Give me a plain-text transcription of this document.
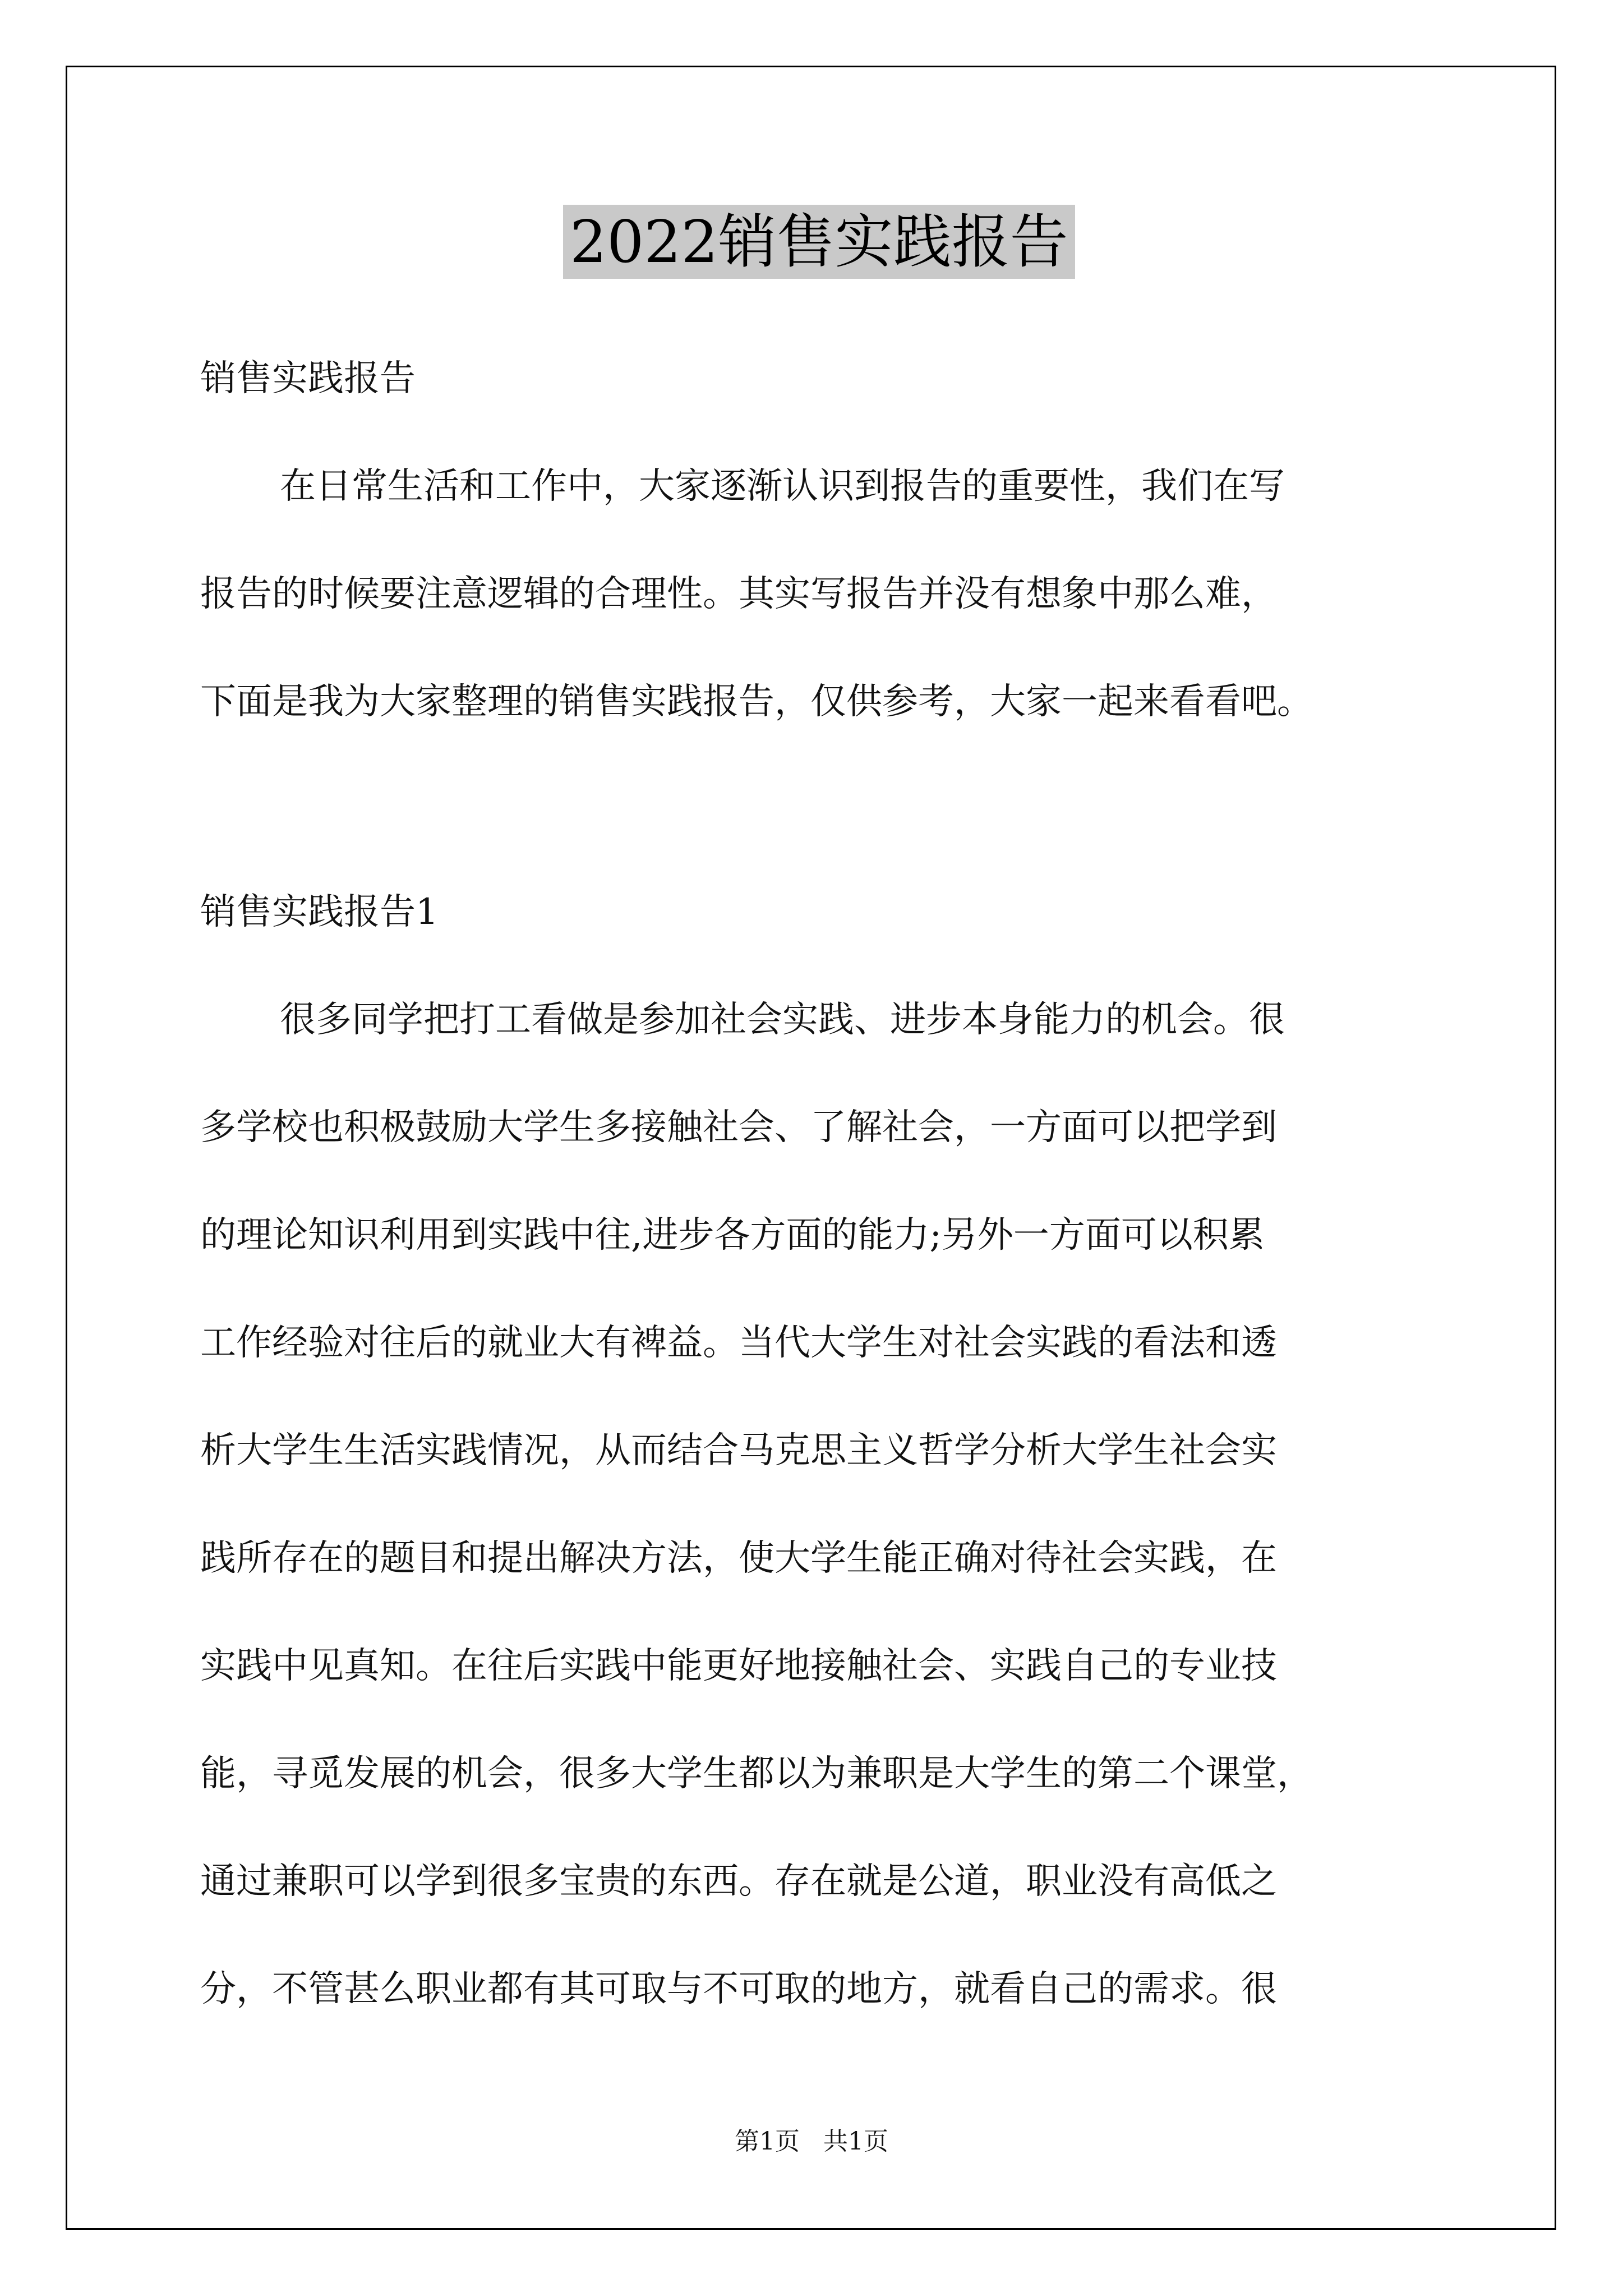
2022销售实践报告
销售实践报告
在日常生活和工作中，大家逐渐认识到报告的重要性，我们在写
报告的时候要注意逻辑的合理性。其实写报告并没有想象中那么难，
下面是我为大家整理的销售实践报告，仅供参考，大家一起来看看吧。
销售实践报告1
很多同学把打工看做是参加社会实践、进步本身能力的机会。很
多学校也积极鼓励大学生多接触社会、了解社会，一方面可以把学到
的理论知识利用到实践中往,进步各方面的能力;另外一方面可以积累
工作经验对往后的就业大有裨益。当代大学生对社会实践的看法和透
析大学生生活实践情况，从而结合马克思主义哲学分析大学生社会实
践所存在的题目和提出解决方法，使大学生能正确对待社会实践，在
实践中见真知。在往后实践中能更好地接触社会、实践自己的专业技
能，寻觅发展的机会，很多大学生都以为兼职是大学生的第二个课堂，
通过兼职可以学到很多宝贵的东西。存在就是公道，职业没有高低之
分，不管甚么职业都有其可取与不可取的地方，就看自己的需求。很
第1页   共1页
